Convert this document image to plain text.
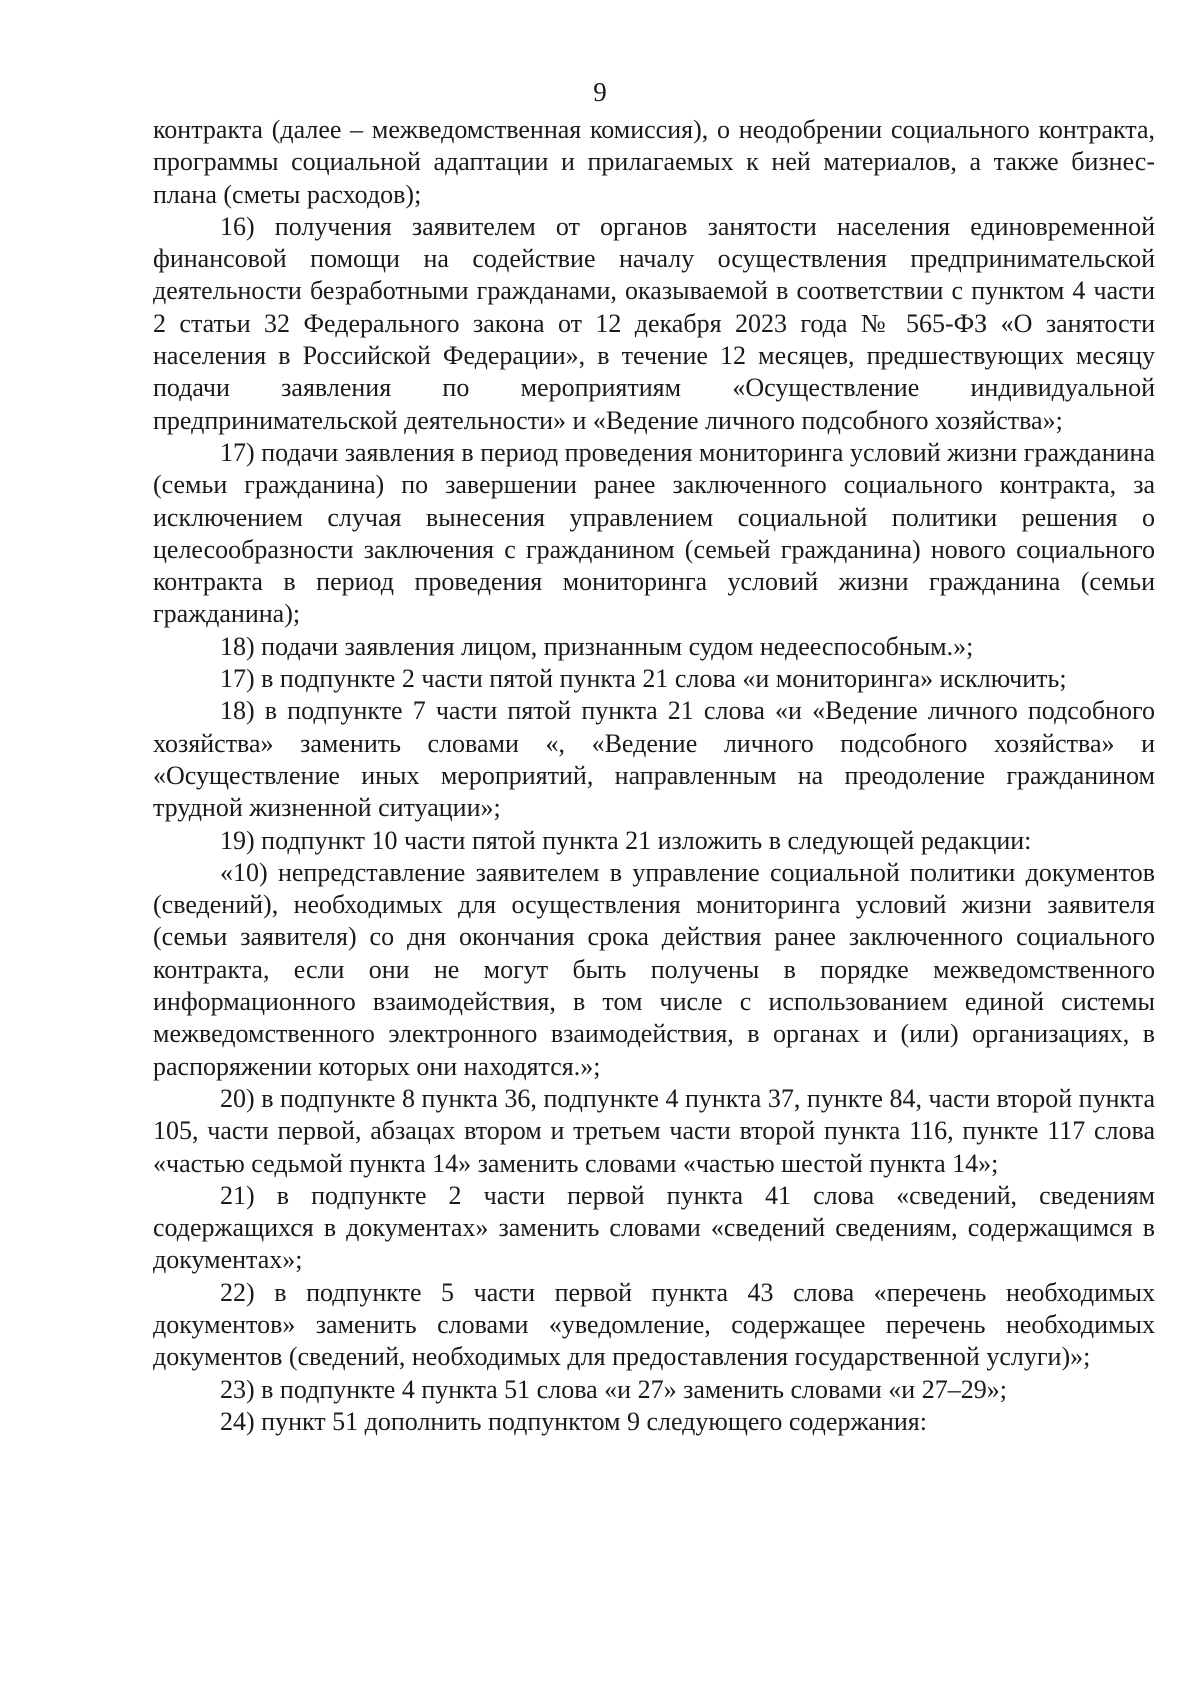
9

контракта (далее – межведомственная комиссия), о неодобрении социального контракта, программы социальной адаптации и прилагаемых к ней материалов, а также бизнес-плана (сметы расходов);

16) получения заявителем от органов занятости населения единовременной финансовой помощи на содействие началу осуществления предпринимательской деятельности безработными гражданами, оказываемой в соответствии с пунктом 4 части 2 статьи 32 Федерального закона от 12 декабря 2023 года № 565-ФЗ «О занятости населения в Российской Федерации», в течение 12 месяцев, предшествующих месяцу подачи заявления по мероприятиям «Осуществление индивидуальной предпринимательской деятельности» и «Ведение личного подсобного хозяйства»;

17) подачи заявления в период проведения мониторинга условий жизни гражданина (семьи гражданина) по завершении ранее заключенного социального контракта, за исключением случая вынесения управлением социальной политики решения о целесообразности заключения с гражданином (семьей гражданина) нового социального контракта в период проведения мониторинга условий жизни гражданина (семьи гражданина);

18) подачи заявления лицом, признанным судом недееспособным.»;

17) в подпункте 2 части пятой пункта 21 слова «и мониторинга» исключить;

18) в подпункте 7 части пятой пункта 21 слова «и «Ведение личного подсобного хозяйства» заменить словами «, «Ведение личного подсобного хозяйства» и «Осуществление иных мероприятий, направленным на преодоление гражданином трудной жизненной ситуации»;

19) подпункт 10 части пятой пункта 21 изложить в следующей редакции:

«10) непредставление заявителем в управление социальной политики документов (сведений), необходимых для осуществления мониторинга условий жизни заявителя (семьи заявителя) со дня окончания срока действия ранее заключенного социального контракта, если они не могут быть получены в порядке межведомственного информационного взаимодействия, в том числе с использованием единой системы межведомственного электронного взаимодействия, в органах и (или) организациях, в распоряжении которых они находятся.»;

20) в подпункте 8 пункта 36, подпункте 4 пункта 37, пункте 84, части второй пункта 105, части первой, абзацах втором и третьем части второй пункта 116, пункте 117 слова «частью седьмой пункта 14» заменить словами «частью шестой пункта 14»;

21) в подпункте 2 части первой пункта 41 слова «сведений, сведениям содержащихся в документах» заменить словами «сведений сведениям, содержащимся в документах»;

22) в подпункте 5 части первой пункта 43 слова «перечень необходимых документов» заменить словами «уведомление, содержащее перечень необходимых документов (сведений, необходимых для предоставления государственной услуги)»;

23) в подпункте 4 пункта 51 слова «и 27» заменить словами «и 27–29»;

24) пункт 51 дополнить подпунктом 9 следующего содержания:
